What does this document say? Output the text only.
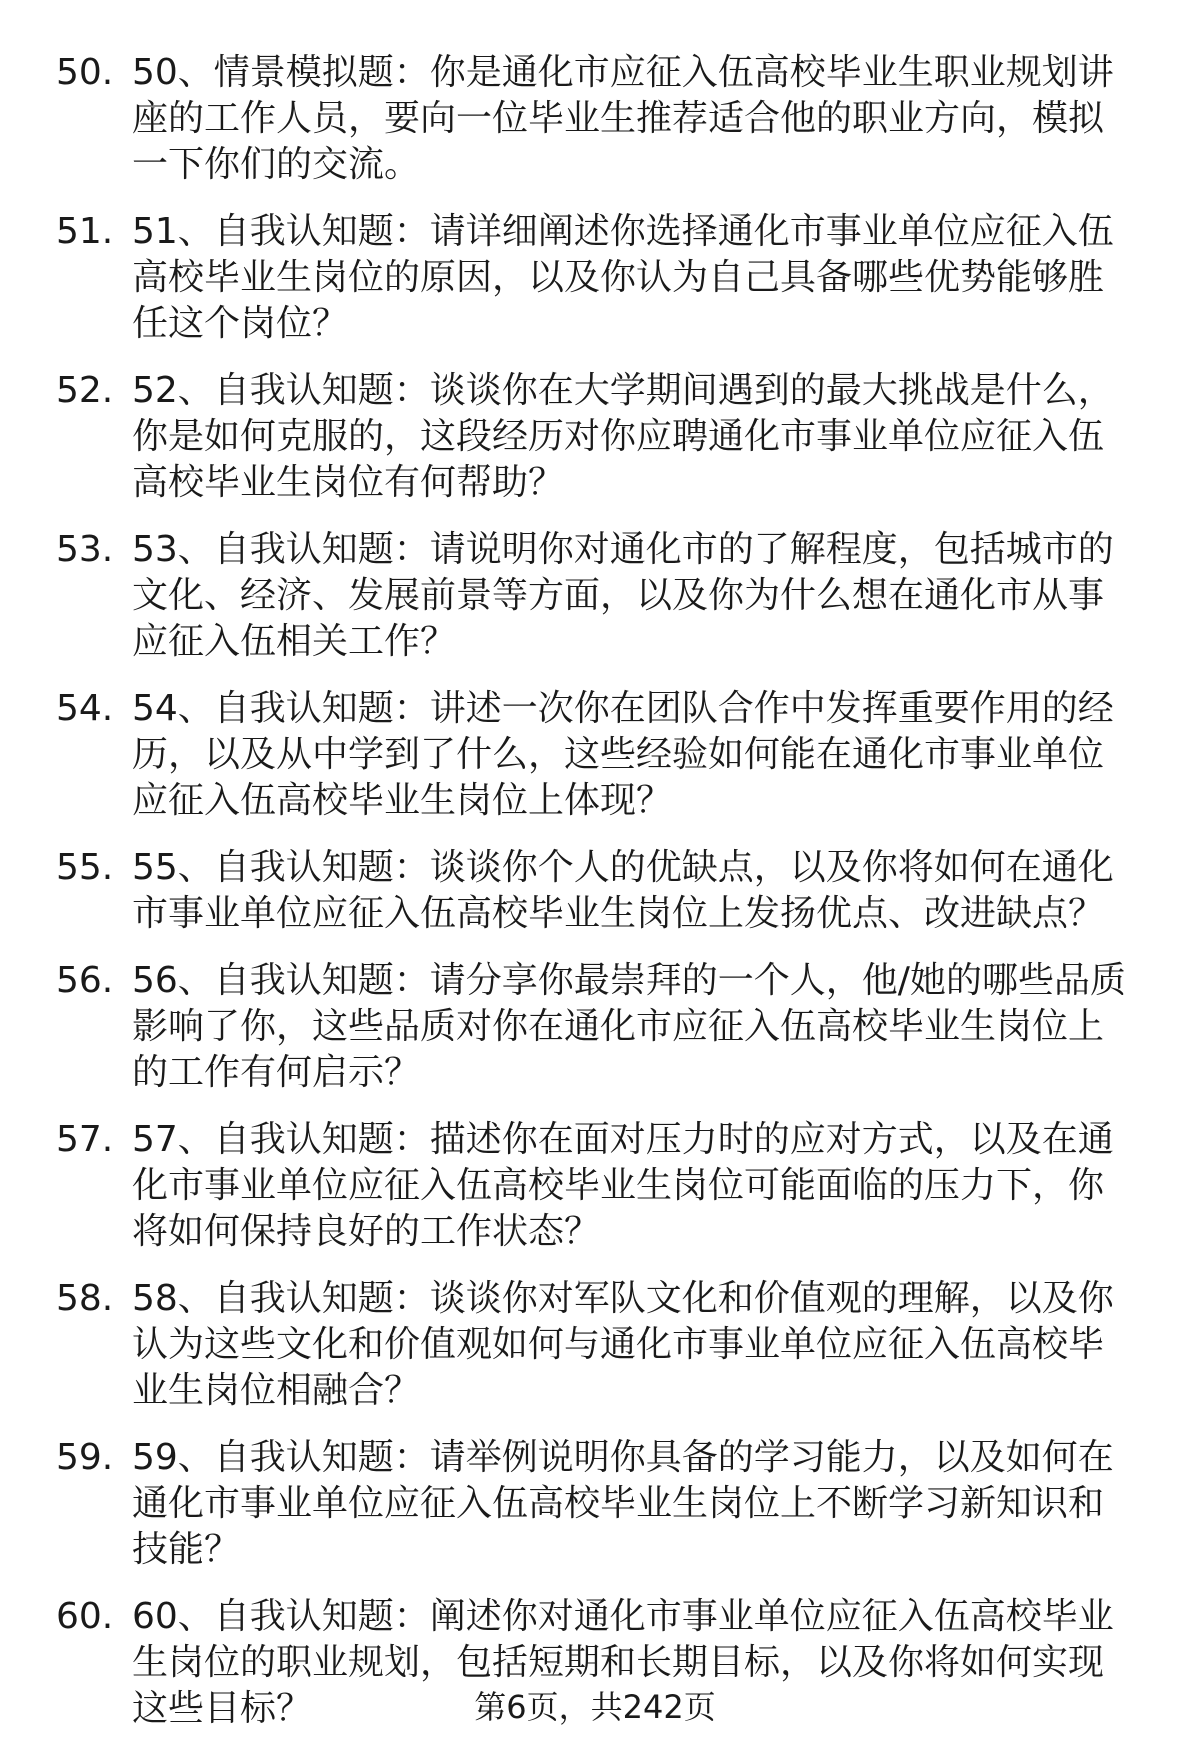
50. 50、情景模拟题：你是通化市应征入伍高校毕业生职业规划讲座的工作人员，要向一位毕业生推荐适合他的职业方向，模拟一下你们的交流。
51. 51、自我认知题：请详细阐述你选择通化市事业单位应征入伍高校毕业生岗位的原因，以及你认为自己具备哪些优势能够胜任这个岗位？
52. 52、自我认知题：谈谈你在大学期间遇到的最大挑战是什么，你是如何克服的，这段经历对你应聘通化市事业单位应征入伍高校毕业生岗位有何帮助？
53. 53、自我认知题：请说明你对通化市的了解程度，包括城市的文化、经济、发展前景等方面，以及你为什么想在通化市从事应征入伍相关工作？
54. 54、自我认知题：讲述一次你在团队合作中发挥重要作用的经历，以及从中学到了什么，这些经验如何能在通化市事业单位应征入伍高校毕业生岗位上体现？
55. 55、自我认知题：谈谈你个人的优缺点，以及你将如何在通化市事业单位应征入伍高校毕业生岗位上发扬优点、改进缺点？
56. 56、自我认知题：请分享你最崇拜的一个人，他/她的哪些品质影响了你，这些品质对你在通化市应征入伍高校毕业生岗位上的工作有何启示？
57. 57、自我认知题：描述你在面对压力时的应对方式，以及在通化市事业单位应征入伍高校毕业生岗位可能面临的压力下，你将如何保持良好的工作状态？
58. 58、自我认知题：谈谈你对军队文化和价值观的理解，以及你认为这些文化和价值观如何与通化市事业单位应征入伍高校毕业生岗位相融合？
59. 59、自我认知题：请举例说明你具备的学习能力，以及如何在通化市事业单位应征入伍高校毕业生岗位上不断学习新知识和技能？
60. 60、自我认知题：阐述你对通化市事业单位应征入伍高校毕业生岗位的职业规划，包括短期和长期目标，以及你将如何实现这些目标？	第6页，共242页
